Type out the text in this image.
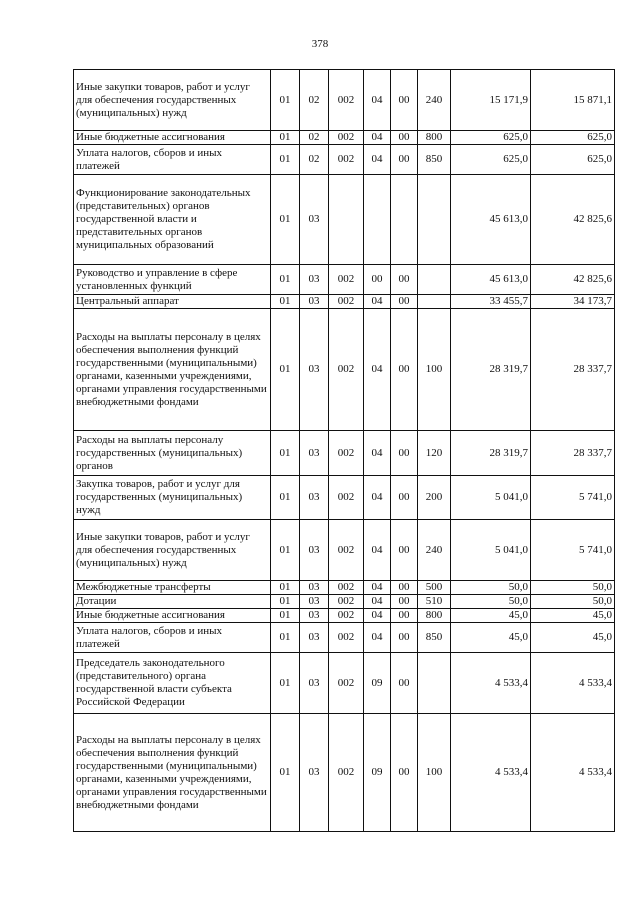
378
Иные закупки товаров, работ и услуг для обеспечения государственных (муниципальных) нужд	01	02	002	04	00	240	15 171,9	15 871,1
Иные бюджетные ассигнования	01	02	002	04	00	800	625,0	625,0
Уплата налогов, сборов и иных платежей	01	02	002	04	00	850	625,0	625,0
Функционирование законодательных (представительных) органов государственной власти и представительных органов муниципальных образований	01	03					45 613,0	42 825,6
Руководство и управление в сфере установленных функций	01	03	002	00	00		45 613,0	42 825,6
Центральный аппарат	01	03	002	04	00		33 455,7	34 173,7
Расходы на выплаты персоналу в целях обеспечения выполнения функций государственными (муниципальными) органами, казенными учреждениями, органами управления государственными внебюджетными фондами	01	03	002	04	00	100	28 319,7	28 337,7
Расходы на выплаты персоналу государственных (муниципальных) органов	01	03	002	04	00	120	28 319,7	28 337,7
Закупка товаров, работ и услуг для государственных (муниципальных) нужд	01	03	002	04	00	200	5 041,0	5 741,0
Иные закупки товаров, работ и услуг для обеспечения государственных (муниципальных) нужд	01	03	002	04	00	240	5 041,0	5 741,0
Межбюджетные трансферты	01	03	002	04	00	500	50,0	50,0
Дотации	01	03	002	04	00	510	50,0	50,0
Иные бюджетные ассигнования	01	03	002	04	00	800	45,0	45,0
Уплата налогов, сборов и иных платежей	01	03	002	04	00	850	45,0	45,0
Председатель законодательного (представительного) органа государственной власти субъекта Российской Федерации	01	03	002	09	00		4 533,4	4 533,4
Расходы на выплаты персоналу в целях обеспечения выполнения функций государственными (муниципальными) органами, казенными учреждениями, органами управления государственными внебюджетными фондами	01	03	002	09	00	100	4 533,4	4 533,4
